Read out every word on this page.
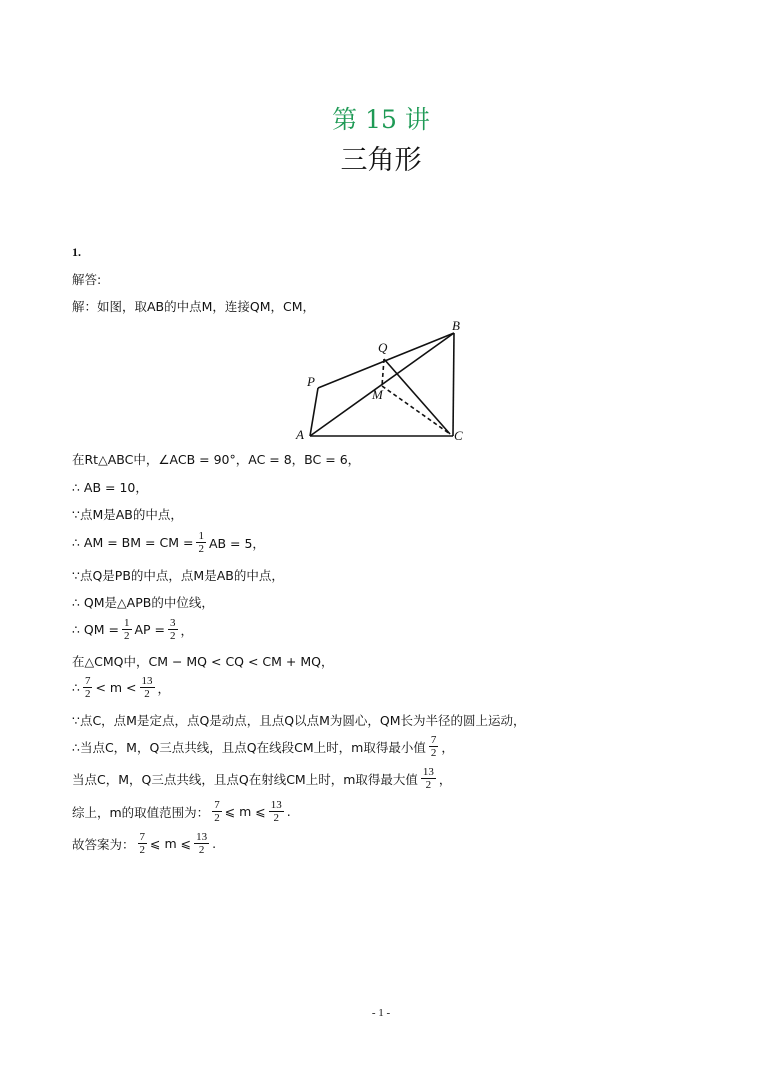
第 15 讲
三角形
1.
解答:
解：如图，取AB的中点M，连接QM，CM，
B
Q
P
M
A	C
在Rt△ABC中，∠ACB = 90°，AC = 8，BC = 6，
∴ AB = 10，
∵点M是AB的中点，
∴ AM = BM = CM = $\frac{1}{2}$ AB = 5，
∵点Q是PB的中点，点M是AB的中点，
∴ QM是△APB的中位线，
∴ QM = $\frac{1}{2}$ AP = $\frac{3}{2}$ ，
在△CMQ中，CM − MQ < CQ < CM + MQ，
∴ $\frac{7}{2} < m < \frac{13}{2}$ ，
∵点C，点M是定点，点Q是动点，且点Q以点M为圆心，QM长为半径的圆上运动，
∴当点C，M，Q三点共线，且点Q在线段CM上时，m取得最小值 $\frac{7}{2}$ ，
当点C，M，Q三点共线，且点Q在射线CM上时，m取得最大值 $\frac{13}{2}$ ，
综上，m的取值范围为： $\frac{7}{2}$ ⩽ m ⩽ $\frac{13}{2}$ .
故答案为： $\frac{7}{2}$ ⩽ m ⩽ $\frac{13}{2}$ .
- 1 -
